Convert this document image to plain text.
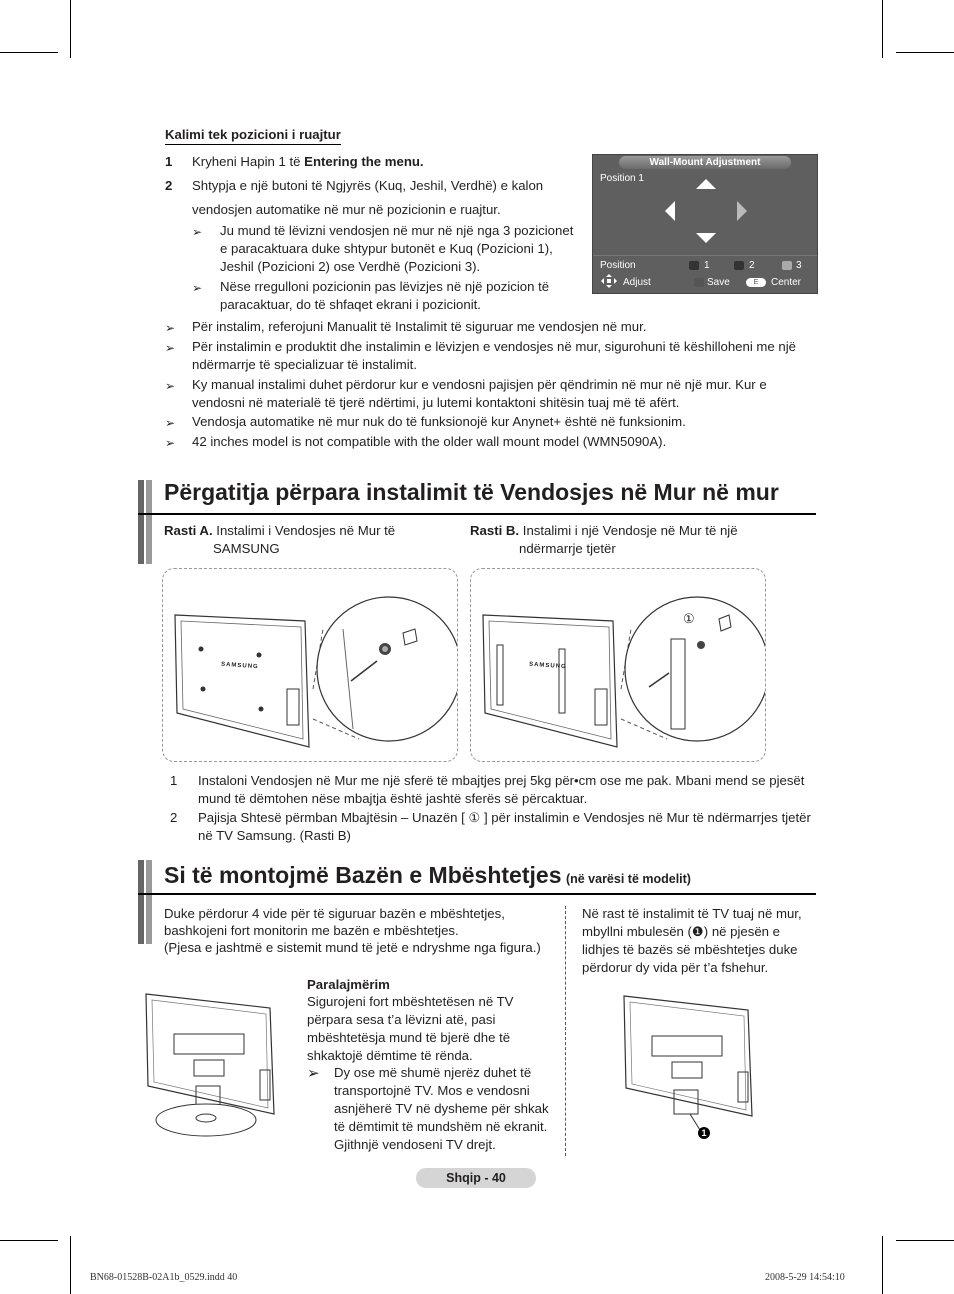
Kalimi tek pozicioni i ruajtur
1 Kryheni Hapin 1 të Entering the menu.
2 Shtypja e një butoni të Ngjyrës (Kuq, Jeshil, Verdhë) e kalon
vendosjen automatike në mur në pozicionin e ruajtur.
➢ Ju mund të lëvizni vendosjen në mur në një nga 3 pozicionet e paracaktuara duke shtypur butonët e Kuq (Pozicioni 1), Jeshil (Pozicioni 2) ose Verdhë (Pozicioni 3).
➢ Nëse rregulloni pozicionin pas lëvizjes në një pozicion të paracaktuar, do të shfaqet ekrani i pozicionit.
➢ Për instalim, referojuni Manualit të Instalimit të siguruar me vendosjen në mur.
➢ Për instalimin e produktit dhe instalimin e lëvizjen e vendosjes në mur, sigurohuni të këshilloheni me një ndërmarrje të specializuar të instalimit.
➢ Ky manual instalimi duhet përdorur kur e vendosni pajisjen për qëndrimin në mur në një mur. Kur e vendosni në materialë të tjerë ndërtimi, ju lutemi kontaktoni shitësin tuaj më të afërt.
➢ Vendosja automatike në mur nuk do të funksionojë kur Anynet+ është në funksionim.
➢ 42 inches model is not compatible with the older wall mount model (WMN5090A).
Wall-Mount Adjustment
Position 1
Position	1	2	3
Adjust	Save	E	Center
Përgatitja përpara instalimit të Vendosjes në Mur në mur
Rasti A. Instalimi i Vendosjes në Mur të
SAMSUNG
Rasti B. Instalimi i një Vendosje në Mur të një
ndërmarrje tjetër
SAMSUNG	SAMSUNG
①
1 Instaloni Vendosjen në Mur me një sferë të mbajtjes prej 5kg për•cm ose me pak. Mbani mend se pjesët mund të dëmtohen nëse mbajtja është jashtë sferës së përcaktuar.
2 Pajisja Shtesë përmban Mbajtësin – Unazën [ ① ] për instalimin e Vendosjes në Mur të ndërmarrjes tjetër në TV Samsung. (Rasti B)
Si të montojmë Bazën e Mbështetjes (në varësi të modelit)
Duke përdorur 4 vide për të siguruar bazën e mbështetjes,
bashkojeni fort monitorin me bazën e mbështetjes.
(Pjesa e jashtmë e sistemit mund të jetë e ndryshme nga figura.)
Në rast të instalimit të TV tuaj në mur, mbyllni mbulesën (❶) në pjesën e lidhjes të bazës së mbështetjes duke përdorur dy vida për t’a fshehur.
Paralajmërim
Sigurojeni fort mbështetësen në TV përpara sesa t’a lëvizni atë, pasi mbështetësja mund të bjerë dhe të shkaktojë dëmtime të rënda.
➢ Dy ose më shumë njerëz duhet të transportojnë TV. Mos e vendosni asnjëherë TV në dysheme për shkak të dëmtimit të mundshëm në ekranit. Gjithnjë vendoseni TV drejt.
1
Shqip - 40
BN68-01528B-02A1b_0529.indd 40	2008-5-29 14:54:10
